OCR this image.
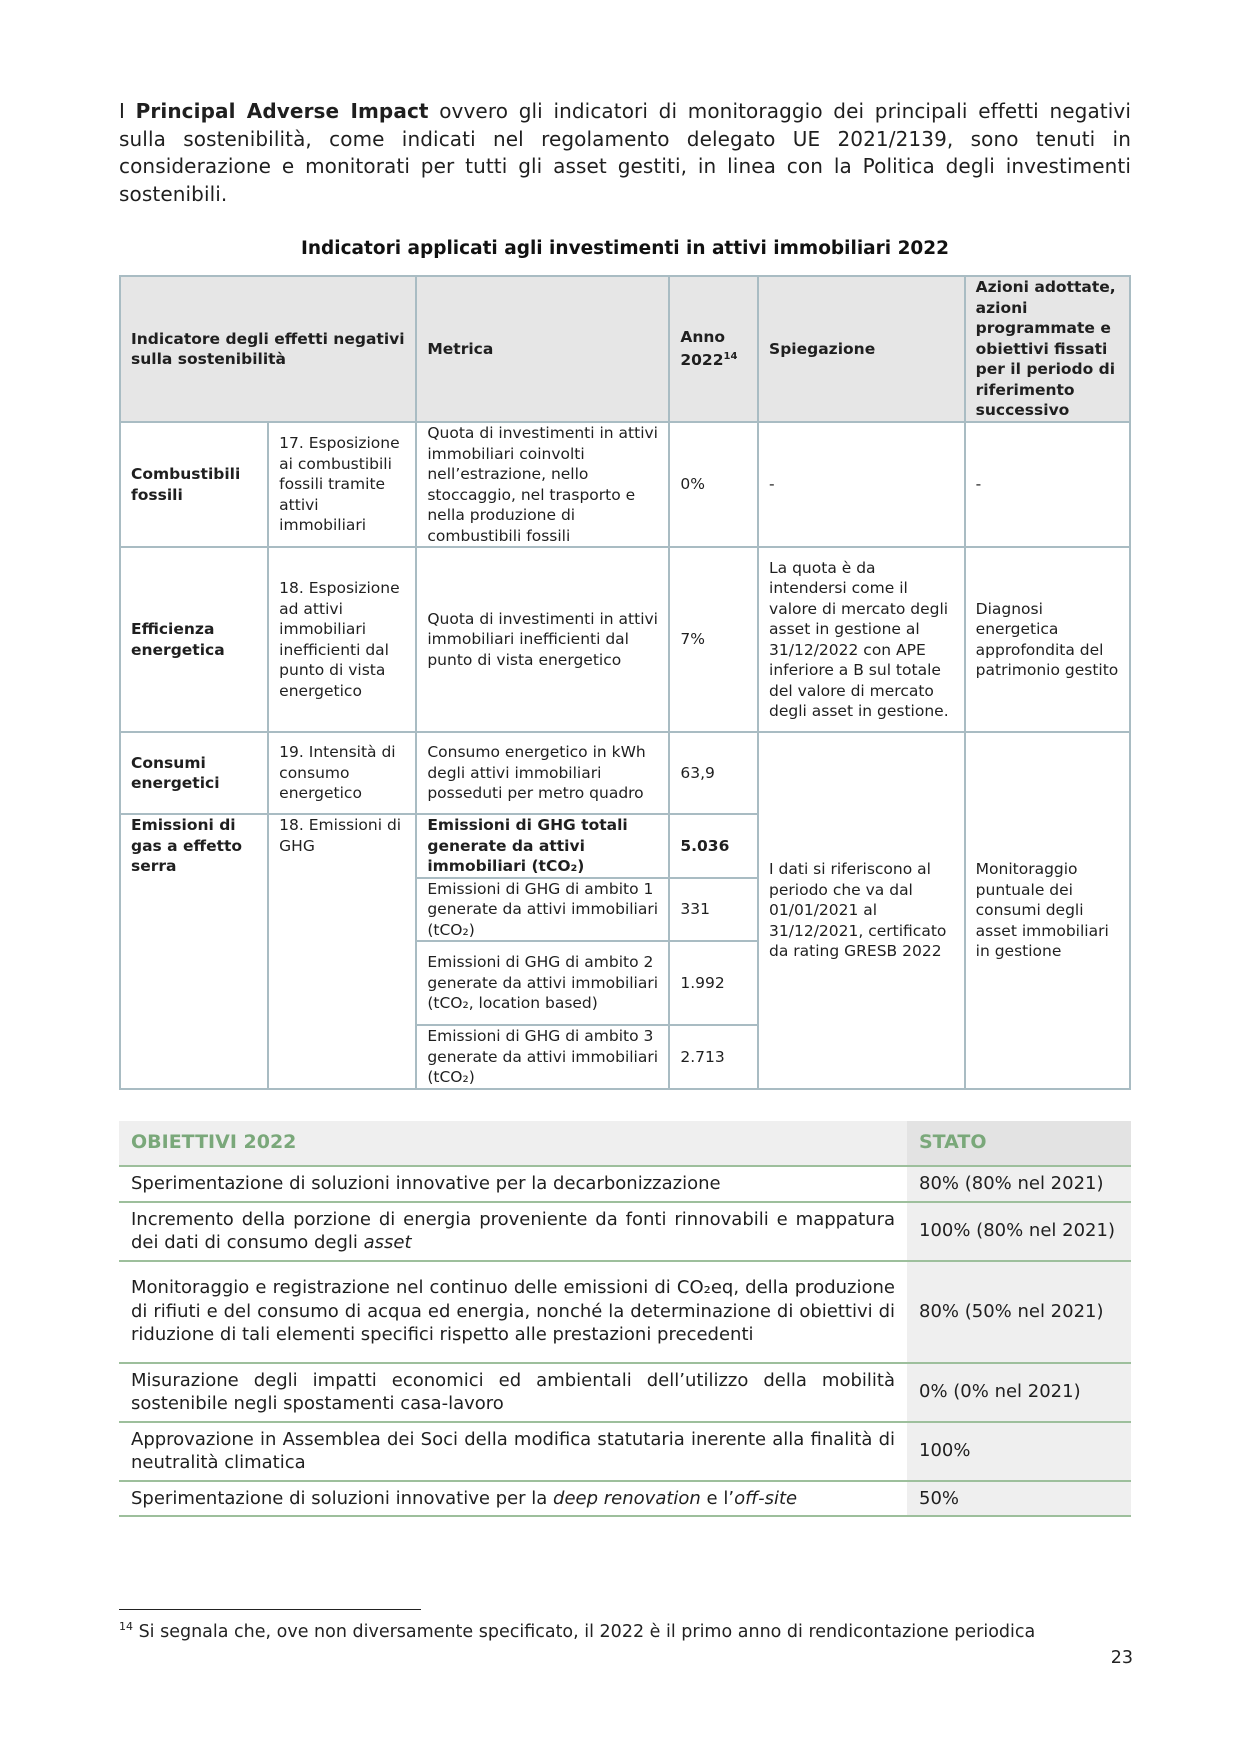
I Principal Adverse Impact ovvero gli indicatori di monitoraggio dei principali effetti negativi sulla sostenibilità, come indicati nel regolamento delegato UE 2021/2139, sono tenuti in considerazione e monitorati per tutti gli asset gestiti, in linea con la Politica degli investimenti sostenibili.
Indicatori applicati agli investimenti in attivi immobiliari 2022
Indicatore degli effetti negativi sulla sostenibilità		Metrica	Anno 2022$^{14}$	Spiegazione	Azioni adottate, azioni programmate e obiettivi fissati per il periodo di riferimento successivo
Combustibili fossili	17. Esposizione ai combustibili fossili tramite attivi immobiliari	Quota di investimenti in attivi immobiliari coinvolti nell’estrazione, nello stoccaggio, nel trasporto e nella produzione di combustibili fossili	0%	-	-
Efficienza energetica	18. Esposizione ad attivi immobiliari inefficienti dal punto di vista energetico	Quota di investimenti in attivi immobiliari inefficienti dal punto di vista energetico	7%	La quota è da intendersi come il valore di mercato degli asset in gestione al 31/12/2022 con APE inferiore a B sul totale del valore di mercato degli asset in gestione.	Diagnosi energetica approfondita del patrimonio gestito
Consumi energetici	19. Intensità di consumo energetico	Consumo energetico in kWh degli attivi immobiliari posseduti per metro quadro	63,9	I dati si riferiscono al periodo che va dal 01/01/2021 al 31/12/2021, certificato da rating GRESB 2022	Monitoraggio puntuale dei consumi degli asset immobiliari in gestione
Emissioni di gas a effetto serra	18. Emissioni di GHG	Emissioni di GHG totali generate da attivi immobiliari (tCO₂)	5.036		
		Emissioni di GHG di ambito 1 generate da attivi immobiliari (tCO₂)	331		
		Emissioni di GHG di ambito 2 generate da attivi immobiliari (tCO₂, location based)	1.992		
		Emissioni di GHG di ambito 3 generate da attivi immobiliari (tCO₂)	2.713		
OBIETTIVI 2022	STATO
Sperimentazione di soluzioni innovative per la decarbonizzazione	80% (80% nel 2021)
Incremento della porzione di energia proveniente da fonti rinnovabili e mappatura dei dati di consumo degli asset	100% (80% nel 2021)
Monitoraggio e registrazione nel continuo delle emissioni di CO₂eq, della produzione di rifiuti e del consumo di acqua ed energia, nonché la determinazione di obiettivi di riduzione di tali elementi specifici rispetto alle prestazioni precedenti	80% (50% nel 2021)
Misurazione degli impatti economici ed ambientali dell’utilizzo della mobilità sostenibile negli spostamenti casa-lavoro	0% (0% nel 2021)
Approvazione in Assemblea dei Soci della modifica statutaria inerente alla finalità di neutralità climatica	100%
Sperimentazione di soluzioni innovative per la deep renovation e l’off-site	50%
$^{14}$ Si segnala che, ove non diversamente specificato, il 2022 è il primo anno di rendicontazione periodica
23
